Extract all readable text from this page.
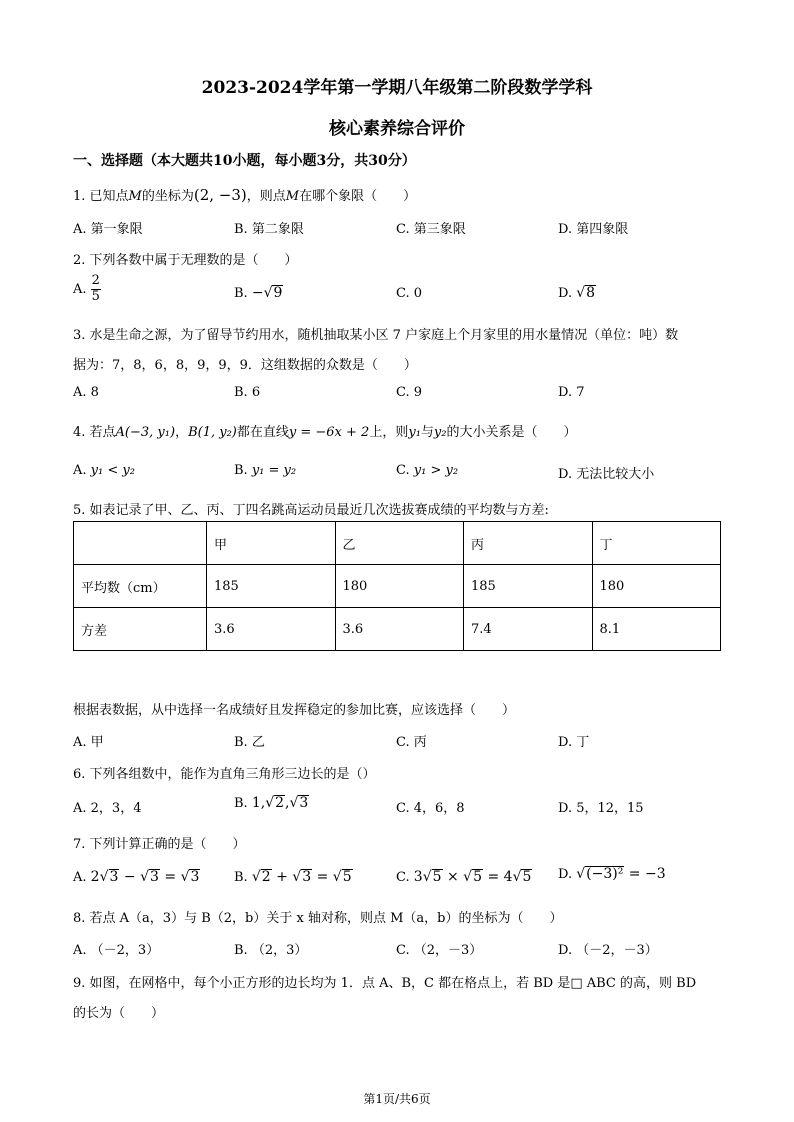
2023-2024学年第一学期八年级第二阶段数学学科
核心素养综合评价
一、选择题（本大题共10小题，每小题3分，共30分）
1. 已知点M的坐标为(2, −3)，则点M在哪个象限（　　）
A. 第一象限	B. 第二象限	C. 第三象限	D. 第四象限
2. 下列各数中属于无理数的是（　　）
A. $\frac{2}{5}$	B. −√9	C. 0	D. √8
3. 水是生命之源，为了留导节约用水，随机抽取某小区 7 户家庭上个月家里的用水量情况（单位：吨）数
据为：7，8，6，8，9，9，9．这组数据的众数是（　　）
A. 8	B. 6	C. 9	D. 7
4. 若点A(−3, y₁)，B(1, y₂)都在直线y = −6x + 2上，则y₁与y₂的大小关系是（　　）
A. y₁ < y₂	B. y₁ = y₂	C. y₁ > y₂	D. 无法比较大小
5. 如表记录了甲、乙、丙、丁四名跳高运动员最近几次选拔赛成绩的平均数与方差:
	甲	乙	丙	丁
平均数（cm）	185	180	185	180
方差	3.6	3.6	7.4	8.1
根据表数据，从中选择一名成绩好且发挥稳定的参加比赛，应该选择（　　）
A. 甲	B. 乙	C. 丙	D. 丁
6. 下列各组数中，能作为直角三角形三边长的是（）
A. 2，3，4	B. 1,√2,√3	C. 4，6，8	D. 5，12，15
7. 下列计算正确的是（　　）
A. 2√3 − √3 = √3	B. √2 + √3 = √5	C. 3√5 × √5 = 4√5 D. √(−3)² = −3
8. 若点 A（a，3）与 B（2，b）关于 x 轴对称，则点 M（a，b）的坐标为（　　）
A. （－2，3）	B. （2，3）	C. （2，－3）	D. （－2，－3）
9. 如图，在网格中，每个小正方形的边长均为 1．点 A、B，C 都在格点上，若 BD 是□ ABC 的高，则 BD
的长为（　　）
第1页/共6页
